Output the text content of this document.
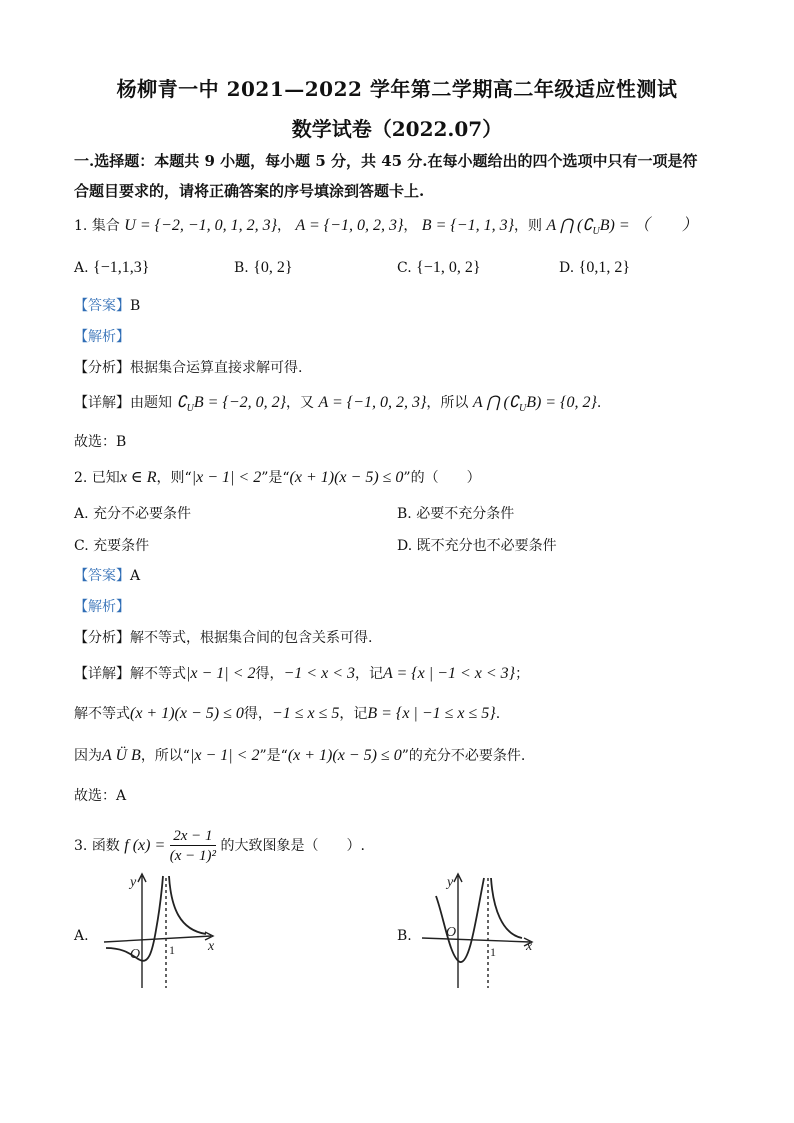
杨柳青一中 2021—2022 学年第二学期高二年级适应性测试
数学试卷（2022.07）
一.选择题：本题共 9 小题，每小题 5 分，共 45 分.在每小题给出的四个选项中只有一项是符
合题目要求的，请将正确答案的序号填涂到答题卡上.
1. 集合 U = {−2, −1, 0, 1, 2, 3}， A = {−1, 0, 2, 3}， B = {−1, 1, 3}，则 A ⋂ $(∁_UB)$ = （　　）
A. {−1,1,3}	B. {0, 2}	C. {−1, 0, 2}	D. {0,1, 2}
【答案】B
【解析】
【分析】根据集合运算直接求解可得.
【详解】由题知 $∁_UB = \{-2$, 0, 2}，又 A = {−1, 0, 2, 3}，所以 A ⋂ $(∁_UB) = \{0$, 2}.
故选：B
2. 已知x ∈ R，则“|x − 1| < 2”是“(x + 1)(x − 5) ≤ 0”的（　　）
A. 充分不必要条件	B. 必要不充分条件
C. 充要条件	D. 既不充分也不必要条件
【答案】A
【解析】
【分析】解不等式，根据集合间的包含关系可得.
【详解】解不等式|x − 1| < 2得，−1 < x < 3，记A = {x | −1 < x < 3}；
解不等式(x + 1)(x − 5) ≤ 0得，−1 ≤ x ≤ 5，记B = {x | −1 ≤ x ≤ 5}.
因为A Ü B，所以“|x − 1| < 2”是“(x + 1)(x − 5) ≤ 0”的充分不必要条件.
故选：A
3. 函数 f $(x) = \frac{2x - 1}{\text{(x − 1)²}}$ 的大致图象是（　　）.
A.	B.
y
x
O 1
y
x
O
1
